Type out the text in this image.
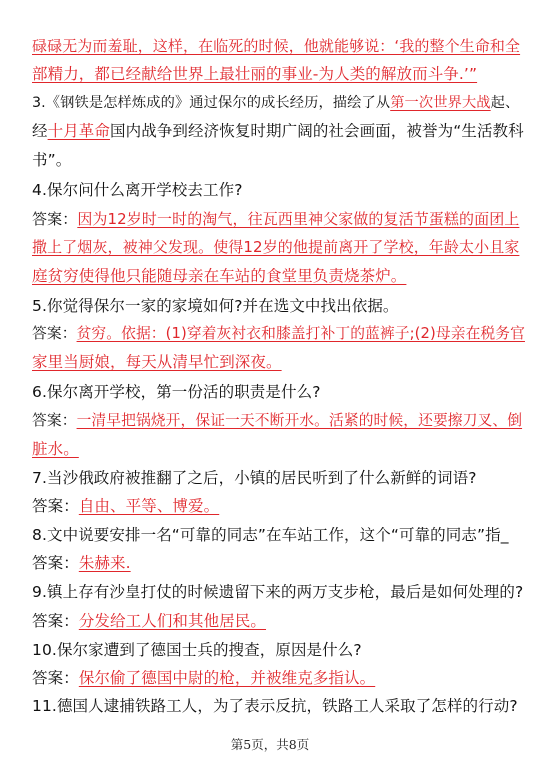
碌碌无为而羞耻，这样，在临死的时候，他就能够说：‘我的整个生命和全
部精力，都已经献给世界上最壮丽的事业-为人类的解放而斗争.’”
3.《钢铁是怎样炼成的》通过保尔的成长经历，描绘了从第一次世界大战起、
经十月革命国内战争到经济恢复时期广阔的社会画面，被誉为“生活教科
书”。
4.保尔问什么离开学校去工作?
答案：因为12岁时一时的淘气，往瓦西里神父家做的复活节蛋糕的面团上
撒上了烟灰，被神父发现。使得12岁的他提前离开了学校，年龄太小且家
庭贫穷使得他只能随母亲在车站的食堂里负责烧茶炉。
5.你觉得保尔一家的家境如何?并在选文中找出依据。
答案：贫穷。依据：(1)穿着灰衬衣和膝盖打补丁的蓝裤子;(2)母亲在税务官
家里当厨娘，每天从清早忙到深夜。
6.保尔离开学校，第一份活的职责是什么?
答案：一清早把锅烧开，保证一天不断开水。活紧的时候，还要擦刀叉、倒
脏水。
7.当沙俄政府被推翻了之后，小镇的居民听到了什么新鲜的词语?
答案：自由、平等、博爱。
8.文中说要安排一名“可靠的同志”在车站工作，这个“可靠的同志”指_
答案：朱赫来.
9.镇上存有沙皇打仗的时候遗留下来的两万支步枪，最后是如何处理的?
答案：分发给工人们和其他居民。
10.保尔家遭到了德国士兵的搜查，原因是什么?
答案：保尔偷了德国中尉的枪，并被维克多指认。
11.德国人逮捕铁路工人，为了表示反抗，铁路工人采取了怎样的行动?
第5页，共8页
